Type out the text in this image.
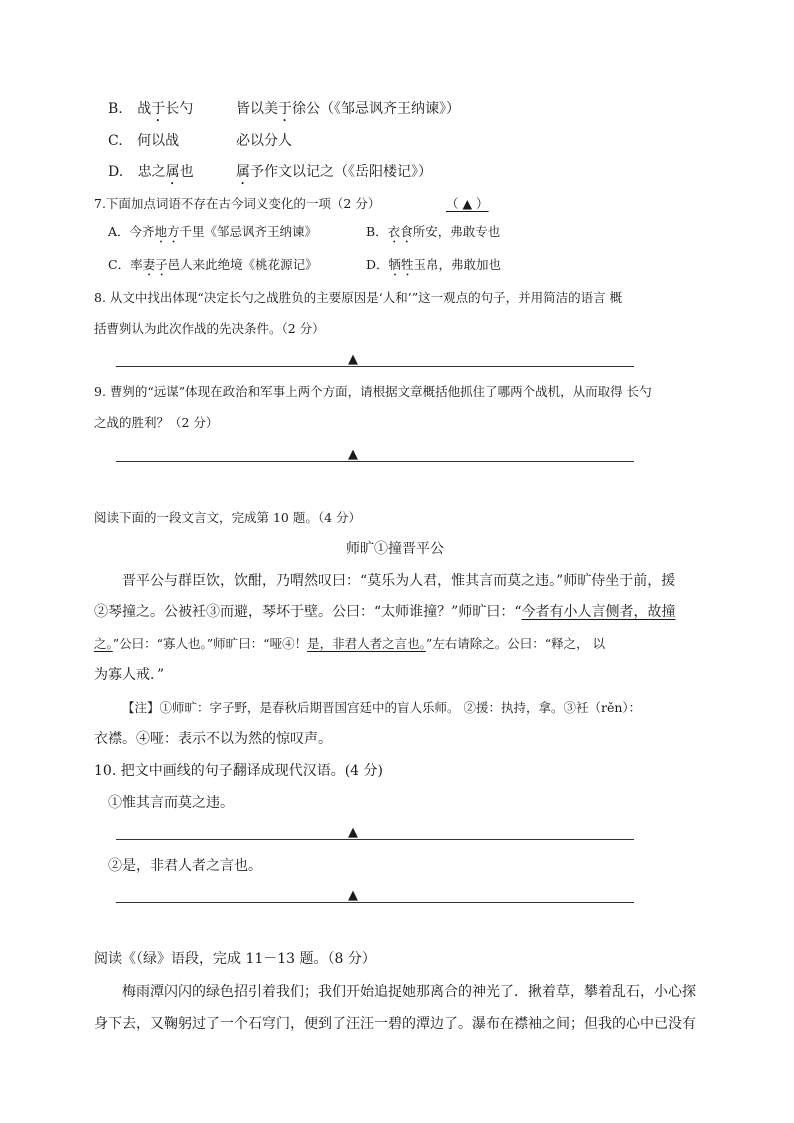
B. 战于长勺	皆以美于徐公（《邹忌讽齐王纳谏》）
C. 何以战	必以分人
D. 忠之属也	属予作文以记之（《岳阳楼记》）
7.下面加点词语不存在古今词义变化的一项（2 分）	（ ▲ ）
A．今齐地方千里《邹忌讽齐王纳谏》	B．衣食所安，弗敢专也
C．率妻子邑人来此绝境《桃花源记》	D．牺牲玉帛，弗敢加也
8. 从文中找出体现“决定长勺之战胜负的主要原因是‘人和’”这一观点的句子，并用简洁的语言 概
括曹刿认为此次作战的先决条件。（2 分）
▲
9. 曹刿的“远谋”体现在政治和军事上两个方面，请根据文章概括他抓住了哪两个战机，从而取得 长勺
之战的胜利？（2 分）
▲
阅读下面的一段文言文，完成第 10 题。（4 分）
师旷①撞晋平公
晋平公与群臣饮，饮酣，乃喟然叹曰：“莫乐为人君，惟其言而莫之违。”师旷侍坐于前，援
②琴撞之。公被衽③而避，琴坏于壁。公曰：“太师谁撞？”师旷曰：“今者有小人言侧者，故撞
之。”公曰：“寡人也。”师旷曰：“哑④！是，非君人者之言也。”左右请除之。公曰：“释之， 以
为寡人戒．”
【注】①师旷：字子野，是春秋后期晋国宫廷中的盲人乐师。 ②援：执持，拿。③衽（rěn）：
衣襟。④哑：表示不以为然的惊叹声。
10. 把文中画线的句子翻译成现代汉语。(4 分)
①惟其言而莫之违。
▲
②是，非君人者之言也。
▲
阅读《（绿》语段，完成 11－13 题。（8 分）
梅雨潭闪闪的绿色招引着我们；我们开始追捉她那离合的神光了．揪着草，攀着乱石，小心探
身下去，又鞠躬过了一个石穹门，便到了汪汪一碧的潭边了。瀑布在襟袖之间；但我的心中已没有
